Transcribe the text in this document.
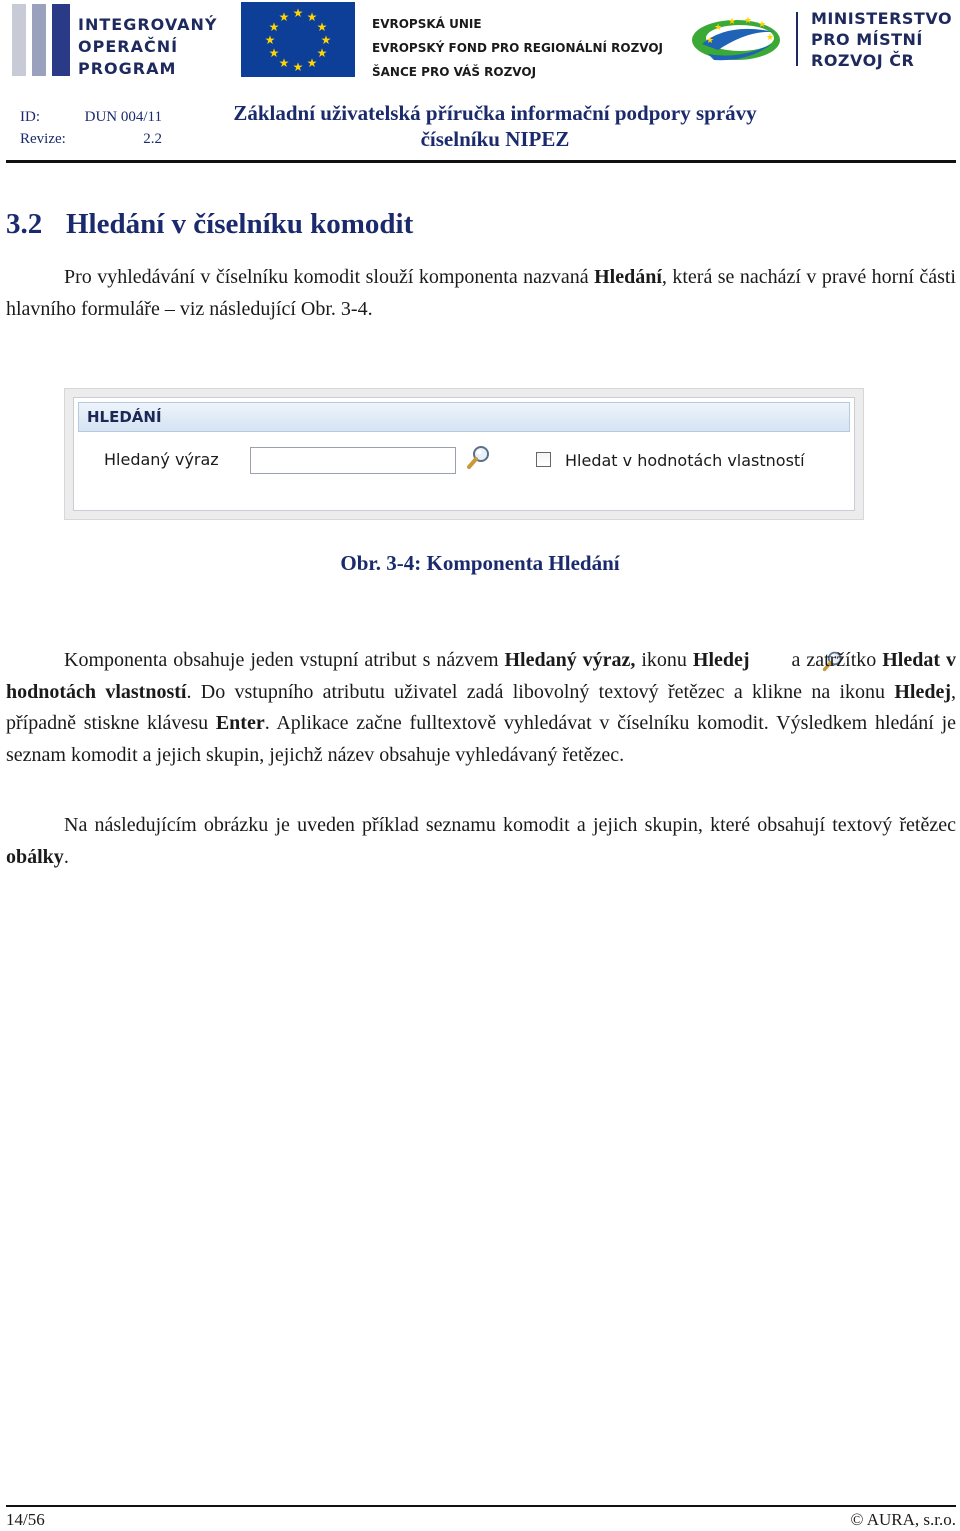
INTEGROVANÝ
OPERAČNÍ
PROGRAM
★ ★
★
★
★
★
★
★
★
★
★
★	EVROPSKÁ UNIE
EVROPSKÝ FOND PRO REGIONÁLNÍ ROZVOJ
ŠANCE PRO VÁŠ ROZVOJ
★
★ ★ ★
★
★
MINISTERSTVO
PRO MÍSTNÍ
ROZVOJ ČR
ID:	DUN 004/11
Revize:	2.2
Základní uživatelská příručka informační podpory správy
číselníku NIPEZ
3.2 Hledání v číselníku komodit
Pro vyhledávání v číselníku komodit slouží komponenta nazvaná Hledání, která se nachází v pravé horní části hlavního formuláře – viz následující Obr. 3-4.
HLEDÁNÍ
Hledaný výraz	Hledat v hodnotách vlastností
Obr. 3-4: Komponenta Hledání
Komponenta obsahuje jeden vstupní atribut s názvem Hledaný výraz, ikonu Hledej a zatržítko Hledat v hodnotách vlastností. Do vstupního atributu uživatel zadá libovolný textový řetězec a klikne na ikonu Hledej, případně stiskne klávesu Enter. Aplikace začne fulltextově vyhledávat v číselníku komodit. Výsledkem hledání je seznam komodit a jejich skupin, jejichž název obsahuje vyhledávaný řetězec.
Na následujícím obrázku je uveden příklad seznamu komodit a jejich skupin, které obsahují textový řetězec obálky.
14/56	© AURA, s.r.o.
